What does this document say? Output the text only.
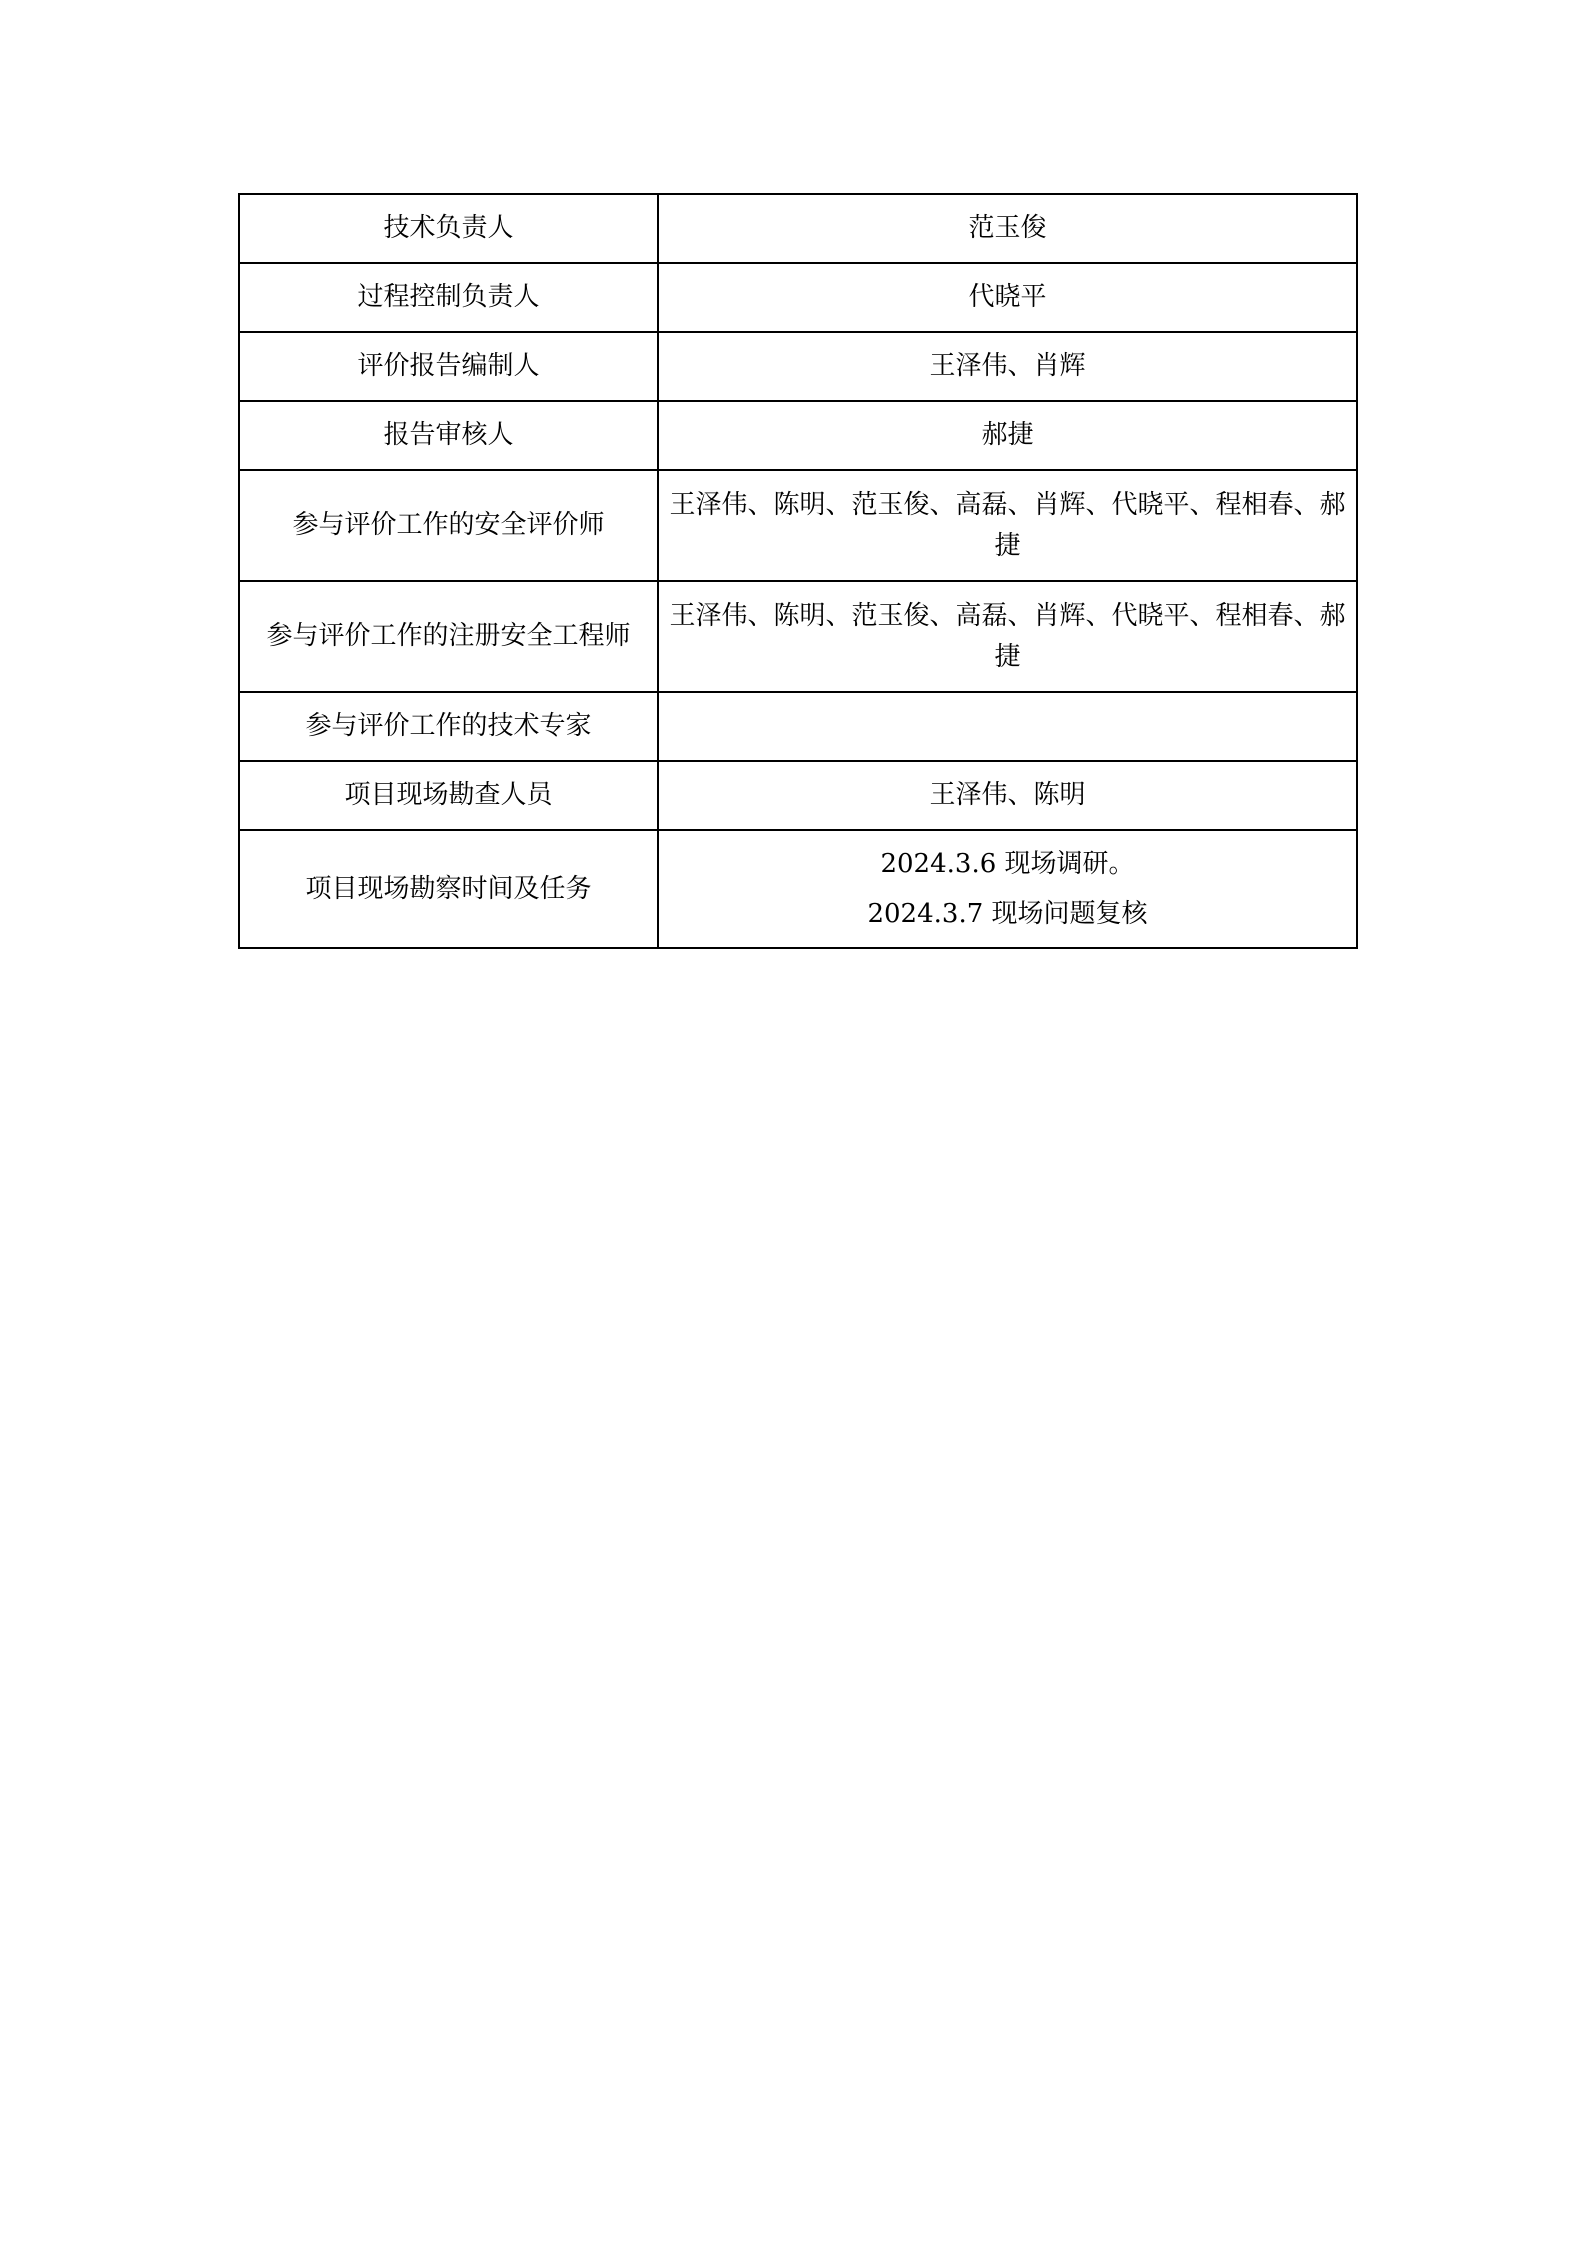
技术负责人	范玉俊
过程控制负责人	代晓平
评价报告编制人	王泽伟、肖辉
报告审核人	郝捷
参与评价工作的安全评价师	王泽伟、陈明、范玉俊、高磊、肖辉、代晓平、程相春、郝捷
参与评价工作的注册安全工程师	王泽伟、陈明、范玉俊、高磊、肖辉、代晓平、程相春、郝捷
参与评价工作的技术专家	
项目现场勘查人员	王泽伟、陈明
项目现场勘察时间及任务	2024.3.6 现场调研。
2024.3.7 现场问题复核
